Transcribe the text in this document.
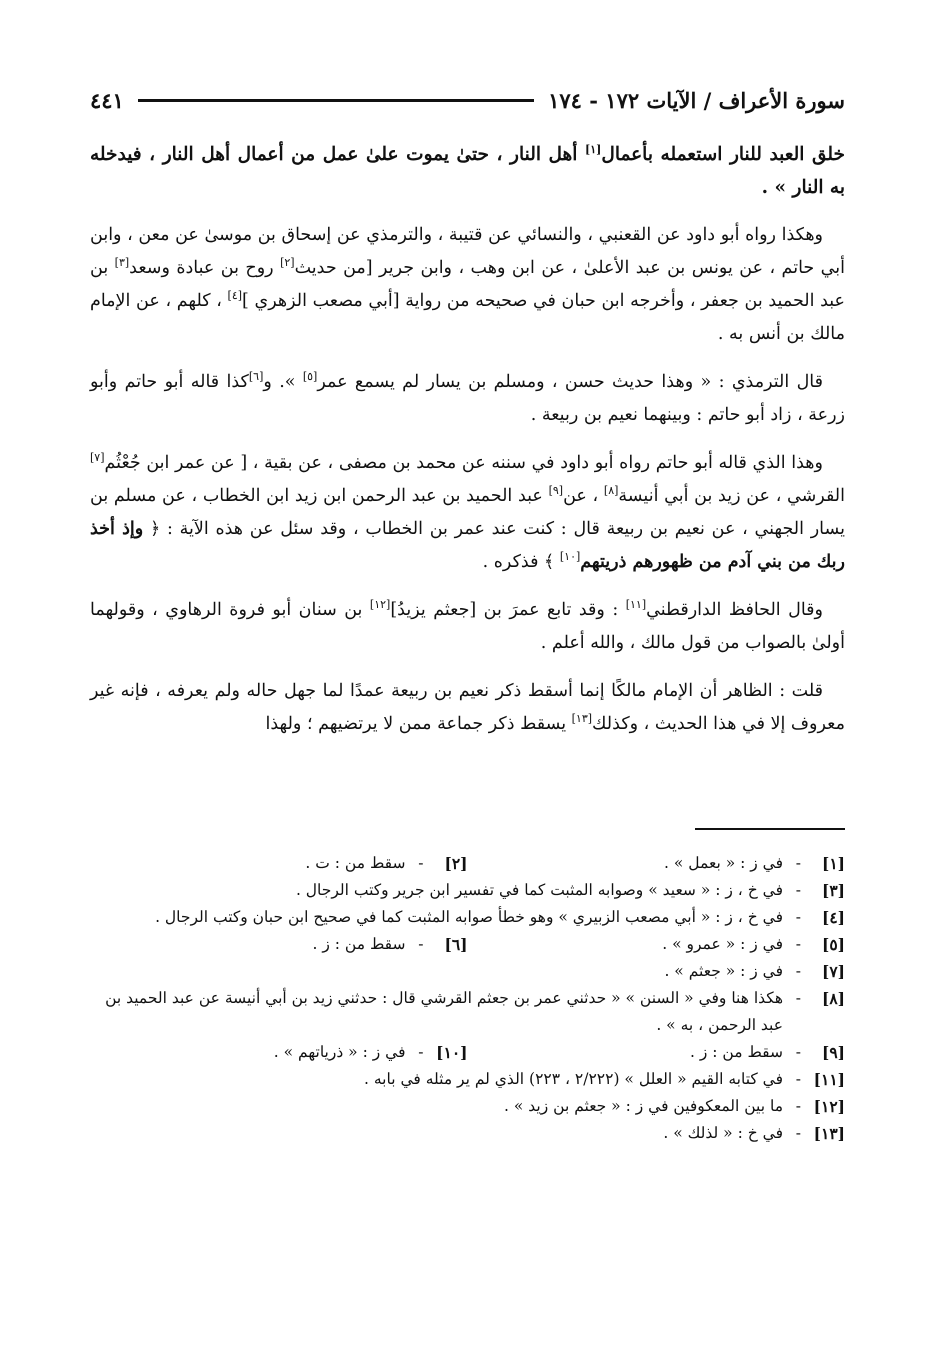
سورة الأعراف / الآيات ١٧٢ - ١٧٤
٤٤١

خلق العبد للنار استعمله بأعمال[١] أهل النار ، حتىٰ يموت علىٰ عمل من أعمال أهل النار ، فيدخله به النار » .

وهكذا رواه أبو داود عن القعنبي ، والنسائي عن قتيبة ، والترمذي عن إسحاق بن موسىٰ عن معن ، وابن أبي حاتم ، عن يونس بن عبد الأعلىٰ ، عن ابن وهب ، وابن جرير [من حديث[٢] روح بن عبادة وسعد[٣] بن عبد الحميد بن جعفر ، وأخرجه ابن حبان في صحيحه من رواية [أبي مصعب الزهري ][٤] ، كلهم ، عن الإمام مالك بن أنس به .

قال الترمذي : « وهذا حديث حسن ، ومسلم بن يسار لم يسمع عمر[٥] ». و[٦]كذا قاله أبو حاتم وأبو زرعة ، زاد أبو حاتم : وبينهما نعيم بن ربيعة .

وهذا الذي قاله أبو حاتم رواه أبو داود في سننه عن محمد بن مصفى ، عن بقية ، [ عن عمر ابن جُعْثُم[٧] القرشي ، عن زيد بن أبي أنيسة[٨] ، عن[٩] عبد الحميد بن عبد الرحمن ابن زيد ابن الخطاب ، عن مسلم بن يسار الجهني ، عن نعيم بن ربيعة قال : كنت عند عمر بن الخطاب ، وقد سئل عن هذه الآية : ﴿ وإذ أخذ ربك من بني آدم من ظهورهم ذريتهم[١٠] ﴾ فذكره .

وقال الحافظ الدارقطني[١١] : وقد تابع عمرَ بن [جعثم يزيدُ][١٢] بن سنان أبو فروة الرهاوي ، وقولهما أولىٰ بالصواب من قول مالك ، والله أعلم .

قلت : الظاهر أن الإمام مالكًا إنما أسقط ذكر نعيم بن ربيعة عمدًا لما جهل حاله ولم يعرفه ، فإنه غير معروف إلا في هذا الحديث ، وكذلك[١٣] يسقط ذكر جماعة ممن لا يرتضيهم ؛ ولهذا

[١]
-
في ز : « بعمل » .
[٢]
-
سقط من : ت .
[٣]
-
في خ ، ز : « سعيد » وصوابه المثبت كما في تفسير ابن جرير وكتب الرجال .
[٤]
-
في خ ، ز : « أبي مصعب الزبيري » وهو خطأ صوابه المثبت كما في صحيح ابن حبان وكتب الرجال .
[٥]
-
في ز : « عمرو » .
[٦]
-
سقط من : ز .
[٧]
-
في ز : « جعثم » .
[٨]
-
هكذا هنا وفي « السنن » « حدثني عمر بن جعثم القرشي قال : حدثني زيد بن أبي أنيسة عن عبد الحميد بن عبد الرحمن ، به » .
[٩]
-
سقط من : ز .
[١٠]
-
في ز : « ذرياتهم » .
[١١]
-
في كتابه القيم « العلل » (٢/٢٢٢ ، ٢٢٣) الذي لم ير مثله في بابه .
[١٢]
-
ما بين المعكوفين في ز : « جعثم بن زيد » .
[١٣]
-
في خ : « لذلك » .
